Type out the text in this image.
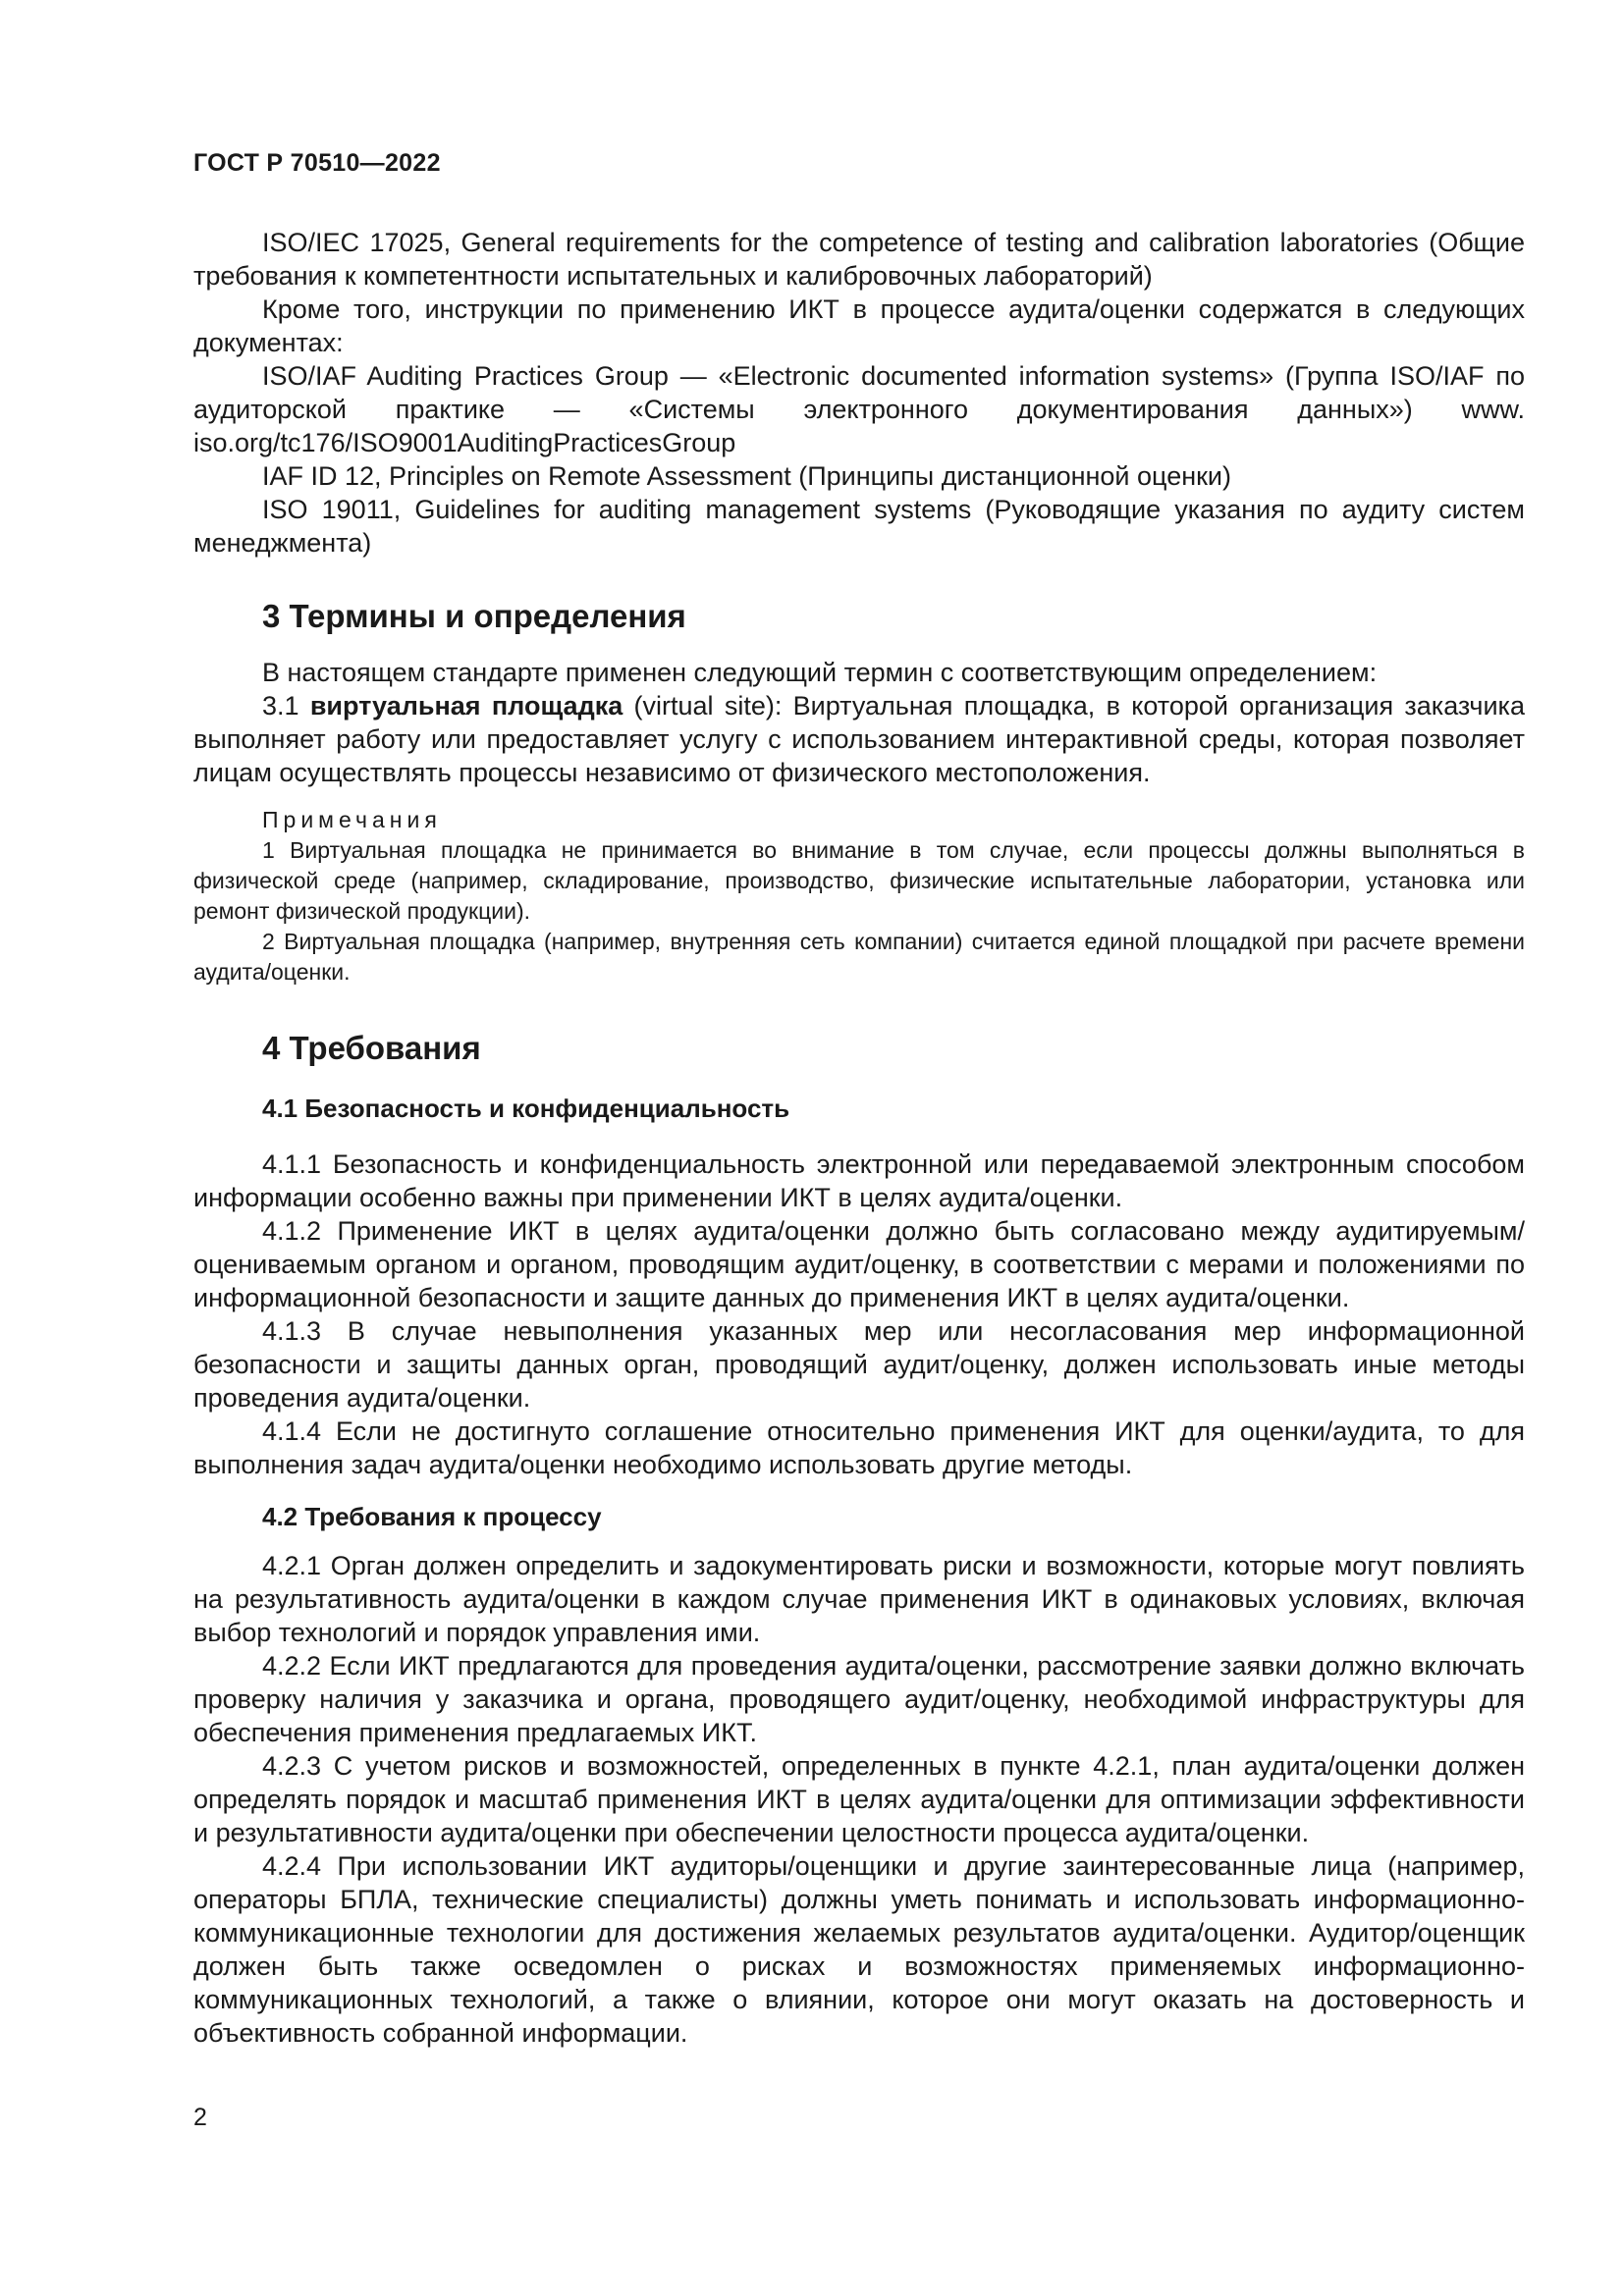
ГОСТ Р 70510—2022

ISO/IEC 17025, General requirements for the competence of testing and calibration laboratories (Общие требования к компетентности испытательных и калибровочных лабораторий)

Кроме того, инструкции по применению ИКТ в процессе аудита/оценки содержатся в следующих документах:

ISO/IAF Auditing Practices Group — «Electronic documented information systems» (Группа ISO/IAF по аудиторской практике — «Системы электронного документирования данных») www. iso.org/tc176/ISO9001AuditingPracticesGroup

IAF ID 12, Principles on Remote Assessment (Принципы дистанционной оценки)

ISO 19011, Guidelines for auditing management systems (Руководящие указания по аудиту систем менеджмента)

3 Термины и определения

В настоящем стандарте применен следующий термин с соответствующим определением:

3.1 виртуальная площадка (virtual site): Виртуальная площадка, в которой организация заказчика выполняет работу или предоставляет услугу с использованием интерактивной среды, которая позволяет лицам осуществлять процессы независимо от физического местоположения.

Примечания

1 Виртуальная площадка не принимается во внимание в том случае, если процессы должны выполняться в физической среде (например, складирование, производство, физические испытательные лаборатории, установка или ремонт физической продукции).

2 Виртуальная площадка (например, внутренняя сеть компании) считается единой площадкой при расчете времени аудита/оценки.

4 Требования
4.1 Безопасность и конфиденциальность

4.1.1 Безопасность и конфиденциальность электронной или передаваемой электронным способом информации особенно важны при применении ИКТ в целях аудита/оценки.

4.1.2 Применение ИКТ в целях аудита/оценки должно быть согласовано между аудитируемым/ оцениваемым органом и органом, проводящим аудит/оценку, в соответствии с мерами и положениями по информационной безопасности и защите данных до применения ИКТ в целях аудита/оценки.

4.1.3 В случае невыполнения указанных мер или несогласования мер информационной безопасности и защиты данных орган, проводящий аудит/оценку, должен использовать иные методы проведения аудита/оценки.

4.1.4 Если не достигнуто соглашение относительно применения ИКТ для оценки/аудита, то для выполнения задач аудита/оценки необходимо использовать другие методы.

4.2 Требования к процессу

4.2.1 Орган должен определить и задокументировать риски и возможности, которые могут повлиять на результативность аудита/оценки в каждом случае применения ИКТ в одинаковых условиях, включая выбор технологий и порядок управления ими.

4.2.2 Если ИКТ предлагаются для проведения аудита/оценки, рассмотрение заявки должно включать проверку наличия у заказчика и органа, проводящего аудит/оценку, необходимой инфраструктуры для обеспечения применения предлагаемых ИКТ.

4.2.3 С учетом рисков и возможностей, определенных в пункте 4.2.1, план аудита/оценки должен определять порядок и масштаб применения ИКТ в целях аудита/оценки для оптимизации эффективности и результативности аудита/оценки при обеспечении целостности процесса аудита/оценки.

4.2.4 При использовании ИКТ аудиторы/оценщики и другие заинтересованные лица (например, операторы БПЛА, технические специалисты) должны уметь понимать и использовать информационно-коммуникационные технологии для достижения желаемых результатов аудита/оценки. Аудитор/оценщик должен быть также осведомлен о рисках и возможностях применяемых информационно-коммуникационных технологий, а также о влиянии, которое они могут оказать на достоверность и объективность собранной информации.

2
